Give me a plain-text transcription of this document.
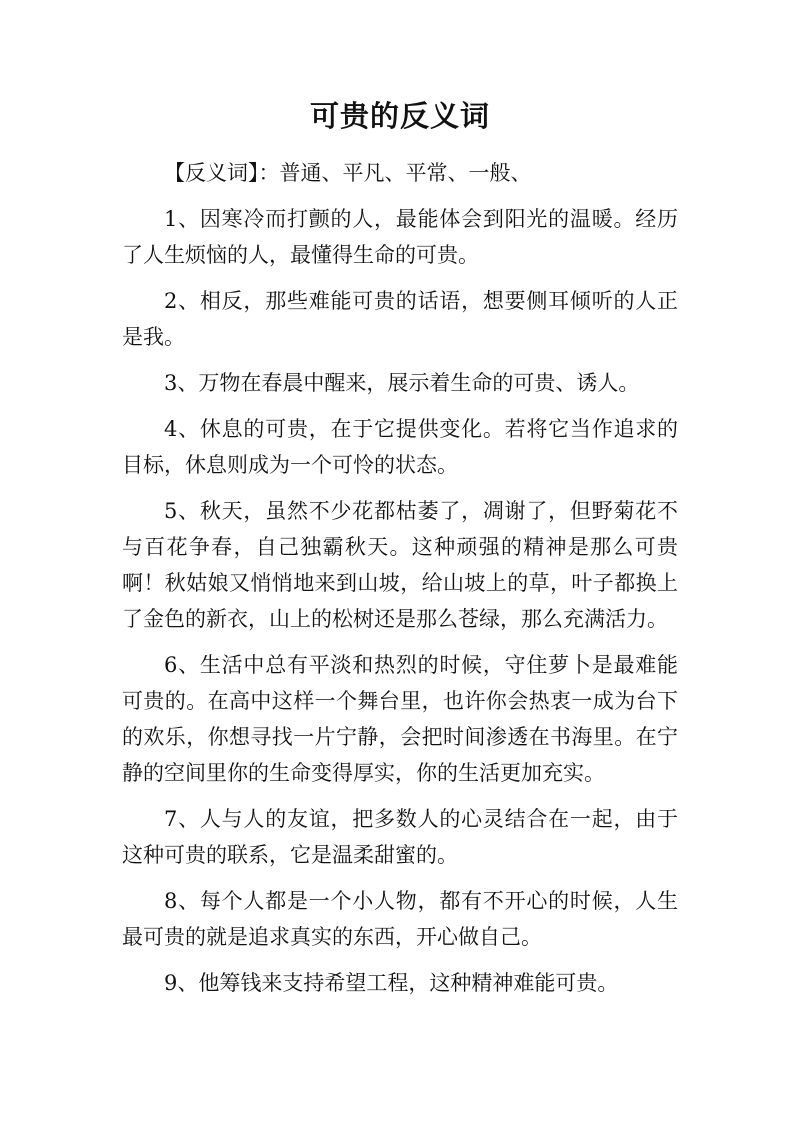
可贵的反义词

【反义词】：普通、平凡、平常、一般、

1、因寒冷而打颤的人，最能体会到阳光的温暖。经历了人生烦恼的人，最懂得生命的可贵。

2、相反，那些难能可贵的话语，想要侧耳倾听的人正是我。

3、万物在春晨中醒来，展示着生命的可贵、诱人。

4、休息的可贵，在于它提供变化。若将它当作追求的目标，休息则成为一个可怜的状态。

5、秋天，虽然不少花都枯萎了，凋谢了，但野菊花不与百花争春，自己独霸秋天。这种顽强的精神是那么可贵啊！秋姑娘又悄悄地来到山坡，给山坡上的草，叶子都换上了金色的新衣，山上的松树还是那么苍绿，那么充满活力。

6、生活中总有平淡和热烈的时候，守住萝卜是最难能可贵的。在高中这样一个舞台里，也许你会热衷一成为台下的欢乐，你想寻找一片宁静，会把时间渗透在书海里。在宁静的空间里你的生命变得厚实，你的生活更加充实。

7、人与人的友谊，把多数人的心灵结合在一起，由于这种可贵的联系，它是温柔甜蜜的。

8、每个人都是一个小人物，都有不开心的时候，人生最可贵的就是追求真实的东西，开心做自己。

9、他筹钱来支持希望工程，这种精神难能可贵。
